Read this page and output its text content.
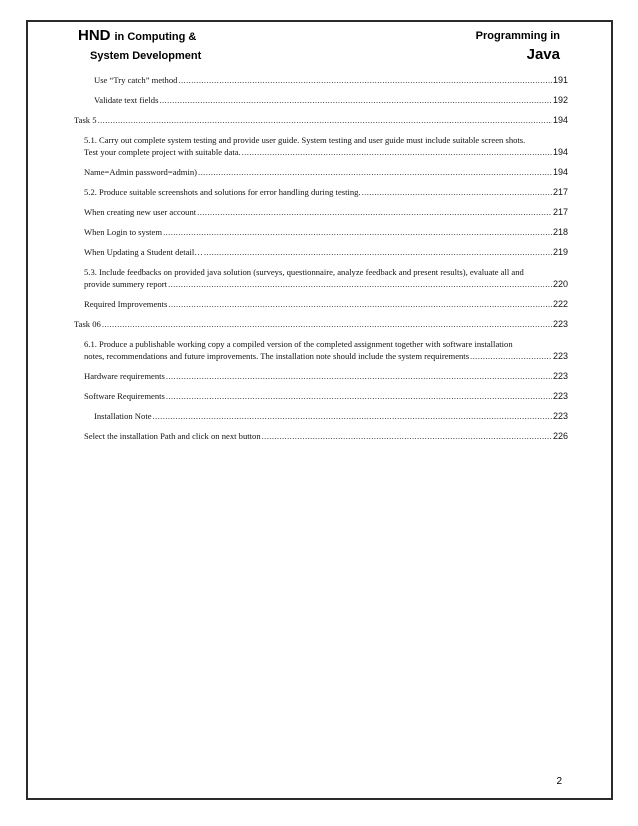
HND in Computing &
System Development
Programming in
Java
Use “Try catch” method .....	191
Validate text fields .....	192
Task 5 .....	194
5.1. Carry out complete system testing and provide user guide. System testing and user guide must include suitable screen shots.
Test your complete project with suitable data. .....	194
Name=Admin password=admin) .....	194
5.2. Produce suitable screenshots and solutions for error handling during testing. .....	217
When creating new user account .....	217
When Login to system .....	218
When Updating a Student detail… .....	219
5.3. Include feedbacks on provided java solution (surveys, questionnaire, analyze feedback and present results), evaluate all and
provide summery report .....	220
Required Improvements .....	222
Task 06 .....	223
6.1. Produce a publishable working copy a compiled version of the completed assignment together with software installation
notes, recommendations and future improvements. The installation note should include the system requirements .....	223
Hardware requirements .....	223
Software Requirements .....	223
Installation Note .....	223
Select the installation Path and click on next button .....	226
2
